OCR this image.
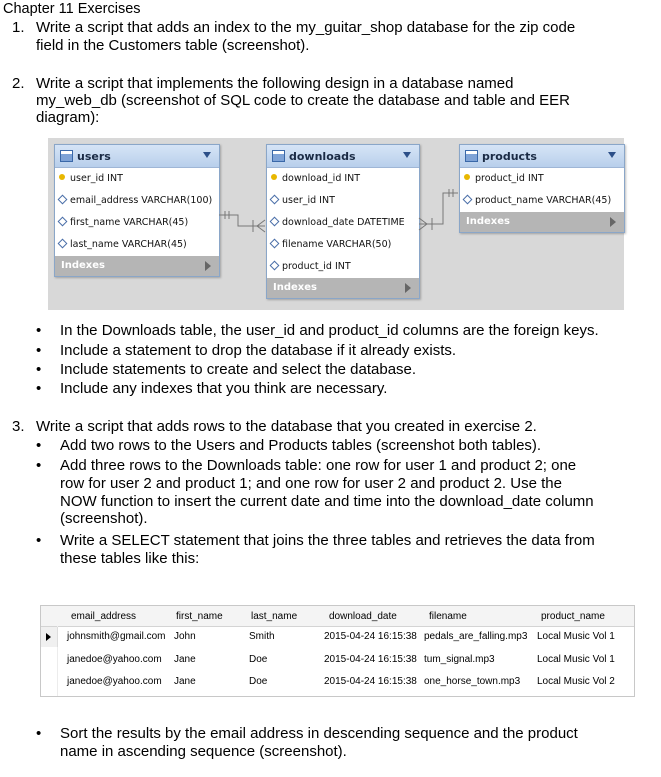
Chapter 11 Exercises
1. Write a script that adds an index to the my_guitar_shop database for the zip code
field in the Customers table (screenshot).
2. Write a script that implements the following design in a database named
my_web_db (screenshot of SQL code to create the database and table and EER
diagram):
users
user_id INT
email_address VARCHAR(100)
first_name VARCHAR(45)
last_name VARCHAR(45)
Indexes
downloads
download_id INT
user_id INT
download_date DATETIME
filename VARCHAR(50)
product_id INT
Indexes
products
product_id INT
product_name VARCHAR(45)
Indexes
• In the Downloads table, the user_id and product_id columns are the foreign keys.
• Include a statement to drop the database if it already exists.
• Include statements to create and select the database.
• Include any indexes that you think are necessary.
3. Write a script that adds rows to the database that you created in exercise 2.
• Add two rows to the Users and Products tables (screenshot both tables).
• Add three rows to the Downloads table: one row for user 1 and product 2; one
row for user 2 and product 1; and one row for user 2 and product 2. Use the
NOW function to insert the current date and time into the download_date column
(screenshot).
• Write a SELECT statement that joins the three tables and retrieves the data from
these tables like this:
email_address	first_name	last_name	download_date	filename	product_name
johnsmith@gmail.com John	Smith	2015-04-24 16:15:38 pedals_are_falling.mp3 Local Music Vol 1
janedoe@yahoo.com Jane	Doe	2015-04-24 16:15:38 tum_signal.mp3	Local Music Vol 1
janedoe@yahoo.com Jane	Doe	2015-04-24 16:15:38 one_horse_town.mp3 Local Music Vol 2
• Sort the results by the email address in descending sequence and the product
name in ascending sequence (screenshot).
